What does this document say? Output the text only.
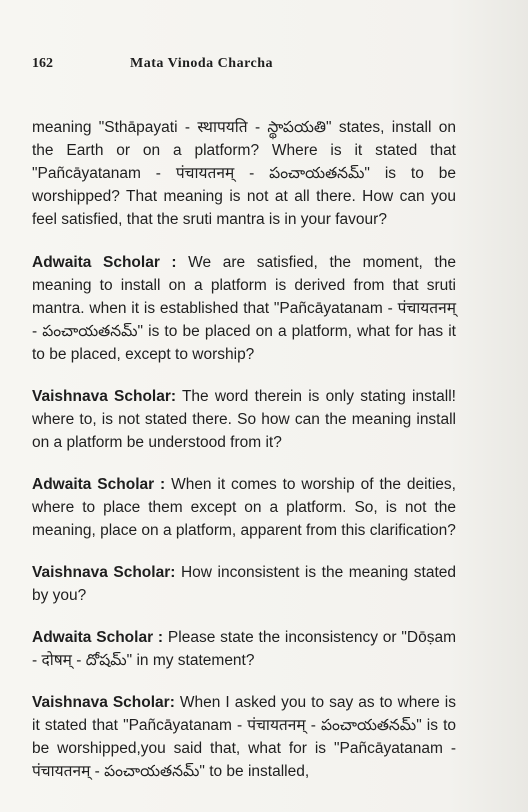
162	Mata Vinoda Charcha

meaning "Sthāpayati - स्थापयति - స్థాపయతి" states, install on the Earth or on a platform? Where is it stated that "Pañcāyatanam - पंचायतनम् - పంచాయతనమ్" is to be worshipped? That meaning is not at all there. How can you feel satisfied, that the sruti mantra is in your favour?

Adwaita Scholar : We are satisfied, the moment, the meaning to install on a platform is derived from that sruti mantra. when it is established that "Pañcāyatanam - पंचायतनम् - పంచాయతనమ్" is to be placed on a platform, what for has it to be placed, except to worship?

Vaishnava Scholar: The word therein is only stating install! where to, is not stated there. So how can the meaning install on a platform be understood from it?

Adwaita Scholar : When it comes to worship of the deities, where to place them except on a platform. So, is not the meaning, place on a platform, apparent from this clarification?

Vaishnava Scholar: How inconsistent is the meaning stated by you?

Adwaita Scholar : Please state the inconsistency or "Dōṣam - दोषम् - దోషమ్" in my statement?

Vaishnava Scholar: When I asked you to say as to where is it stated that "Pañcāyatanam - पंचायतनम् - పంచాయతనమ్" is to be worshipped,you said that, what for is "Pañcāyatanam - पंचायतनम् - పంచాయతనమ్" to be installed,
